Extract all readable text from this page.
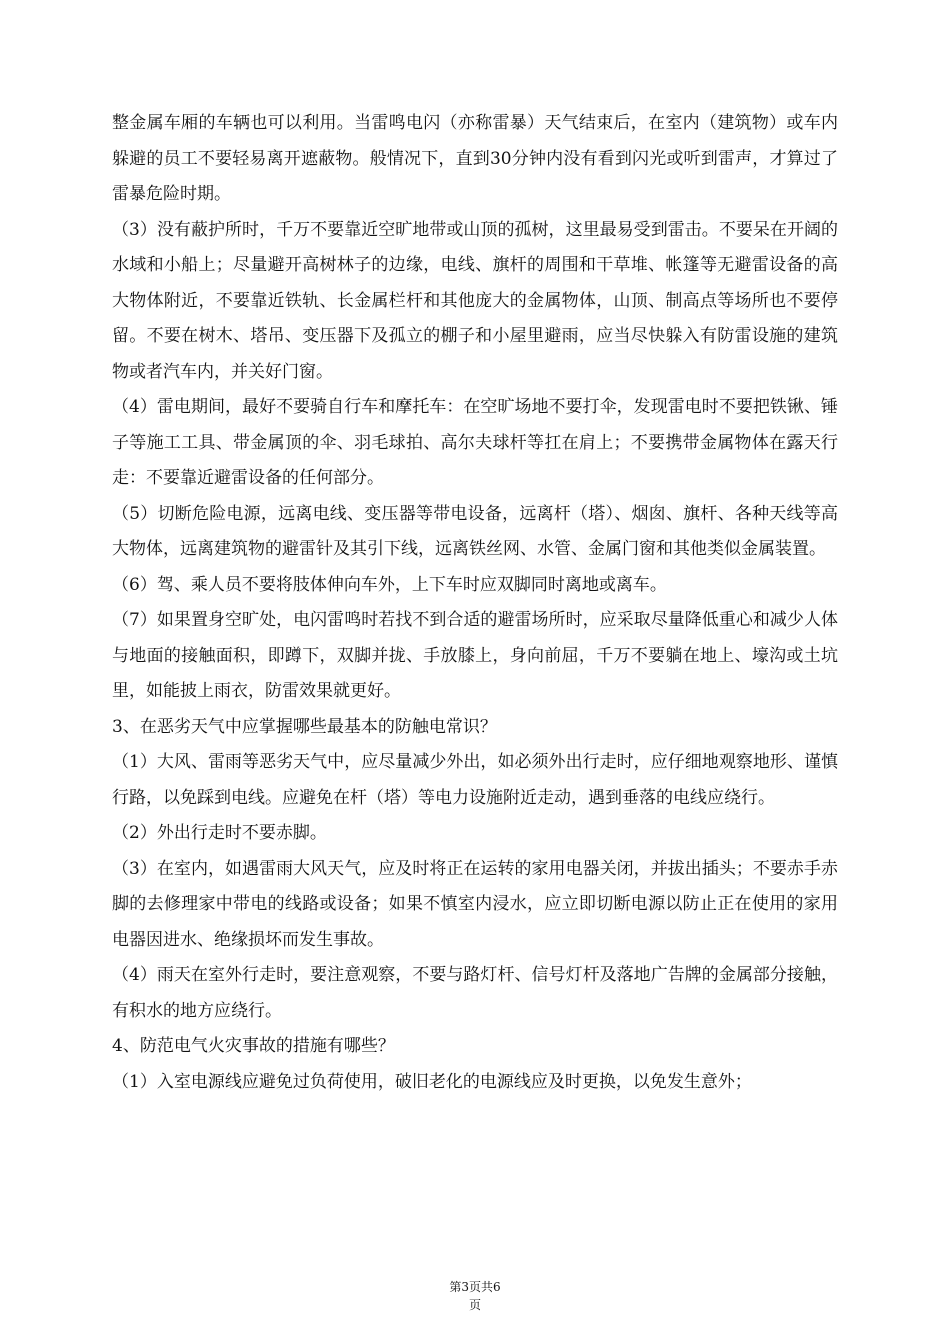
整金属车厢的车辆也可以利用。当雷鸣电闪（亦称雷暴）天气结束后，在室内（建筑物）或车内躲避的员工不要轻易离开遮蔽物。般情况下，直到30分钟内没有看到闪光或听到雷声，才算过了雷暴危险时期。

（3）没有蔽护所时，千万不要靠近空旷地带或山顶的孤树，这里最易受到雷击。不要呆在开阔的水域和小船上；尽量避开高树林子的边缘，电线、旗杆的周围和干草堆、帐篷等无避雷设备的高大物体附近，不要靠近铁轨、长金属栏杆和其他庞大的金属物体，山顶、制高点等场所也不要停留。不要在树木、塔吊、变压器下及孤立的棚子和小屋里避雨，应当尽快躲入有防雷设施的建筑物或者汽车内，并关好门窗。

（4）雷电期间，最好不要骑自行车和摩托车：在空旷场地不要打伞，发现雷电时不要把铁锹、锤子等施工工具、带金属顶的伞、羽毛球拍、高尔夫球杆等扛在肩上；不要携带金属物体在露天行走：不要靠近避雷设备的任何部分。

（5）切断危险电源，远离电线、变压器等带电设备，远离杆（塔）、烟囱、旗杆、各种天线等高大物体，远离建筑物的避雷针及其引下线，远离铁丝网、水管、金属门窗和其他类似金属装置。

（6）驾、乘人员不要将肢体伸向车外，上下车时应双脚同时离地或离车。

（7）如果置身空旷处，电闪雷鸣时若找不到合适的避雷场所时，应采取尽量降低重心和减少人体与地面的接触面积，即蹲下，双脚并拢、手放膝上，身向前屈，千万不要躺在地上、壕沟或土坑里，如能披上雨衣，防雷效果就更好。

3、在恶劣天气中应掌握哪些最基本的防触电常识？

（1）大风、雷雨等恶劣天气中，应尽量减少外出，如必须外出行走时，应仔细地观察地形、谨慎行路，以免踩到电线。应避免在杆（塔）等电力设施附近走动，遇到垂落的电线应绕行。

（2）外出行走时不要赤脚。

（3）在室内，如遇雷雨大风天气，应及时将正在运转的家用电器关闭，并拔出插头；不要赤手赤脚的去修理家中带电的线路或设备；如果不慎室内浸水，应立即切断电源以防止正在使用的家用电器因进水、绝缘损坏而发生事故。

（4）雨天在室外行走时，要注意观察，不要与路灯杆、信号灯杆及落地广告牌的金属部分接触，有积水的地方应绕行。

4、防范电气火灾事故的措施有哪些？

（1）入室电源线应避免过负荷使用，破旧老化的电源线应及时更换，以免发生意外；

第3页共6
页
